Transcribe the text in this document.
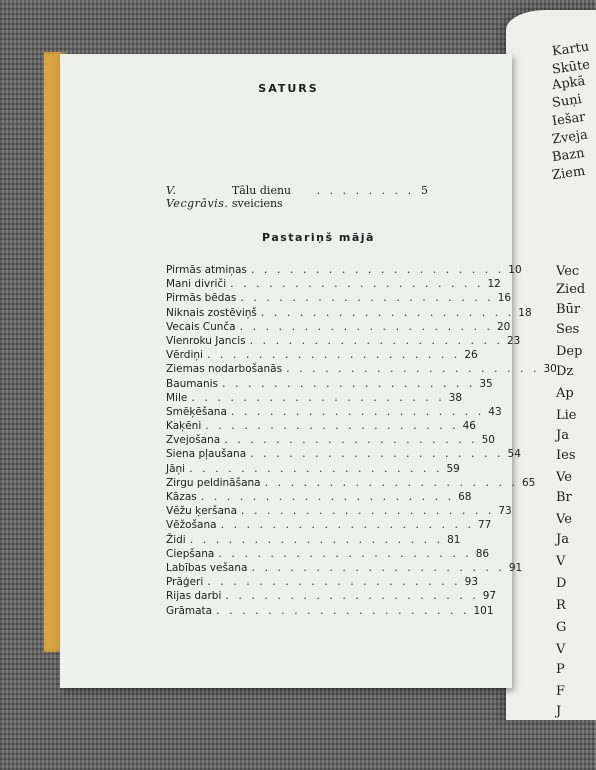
Kartu
Skūte
Apkā
Suņi
Iešar
Zveja
Bazn
Ziem
Vec
Zied
Būr
Ses
Dep
Dz
Ap
Lie
Ja
Ies
Ve
Br
Ve
Ja
V
D
R
G
V
P
F
J
SATURS
V. Vecgrāvis.
Tālu dienu sveiciens
. . . . . . . . 5
Pastariņš mājā
Pirmās atmiņas . . . . . . . . . . . . . . . . . . . . 10
Mani divriči . . . . . . . . . . . . . . . . . . . . 12
Pirmās bēdas . . . . . . . . . . . . . . . . . . . . 16
Niknais zostēviņš . . . . . . . . . . . . . . . . . . . . 18
Vecais Cunča . . . . . . . . . . . . . . . . . . . . 20
Vienroku Jancis . . . . . . . . . . . . . . . . . . . . 23
Vērdiņi . . . . . . . . . . . . . . . . . . . . 26
Ziemas nodarbošanās . . . . . . . . . . . . . . . . . . . . 30
Baumanis . . . . . . . . . . . . . . . . . . . . 35
Mile . . . . . . . . . . . . . . . . . . . . 38
Smēķēšana . . . . . . . . . . . . . . . . . . . . 43
Kaķēni . . . . . . . . . . . . . . . . . . . . 46
Zvejošana . . . . . . . . . . . . . . . . . . . . 50
Siena pļaušana . . . . . . . . . . . . . . . . . . . . 54
Jāņi . . . . . . . . . . . . . . . . . . . . 59
Zirgu peldināšana . . . . . . . . . . . . . . . . . . . . 65
Kāzas . . . . . . . . . . . . . . . . . . . . 68
Vēžu ķeršana . . . . . . . . . . . . . . . . . . . . 73
Vēžošana . . . . . . . . . . . . . . . . . . . . 77
Židi . . . . . . . . . . . . . . . . . . . . 81
Ciepšana . . . . . . . . . . . . . . . . . . . . 86
Labības vešana . . . . . . . . . . . . . . . . . . . . 91
Prāģeri . . . . . . . . . . . . . . . . . . . . 93
Rijas darbi . . . . . . . . . . . . . . . . . . . . 97
Grāmata . . . . . . . . . . . . . . . . . . . . 101
